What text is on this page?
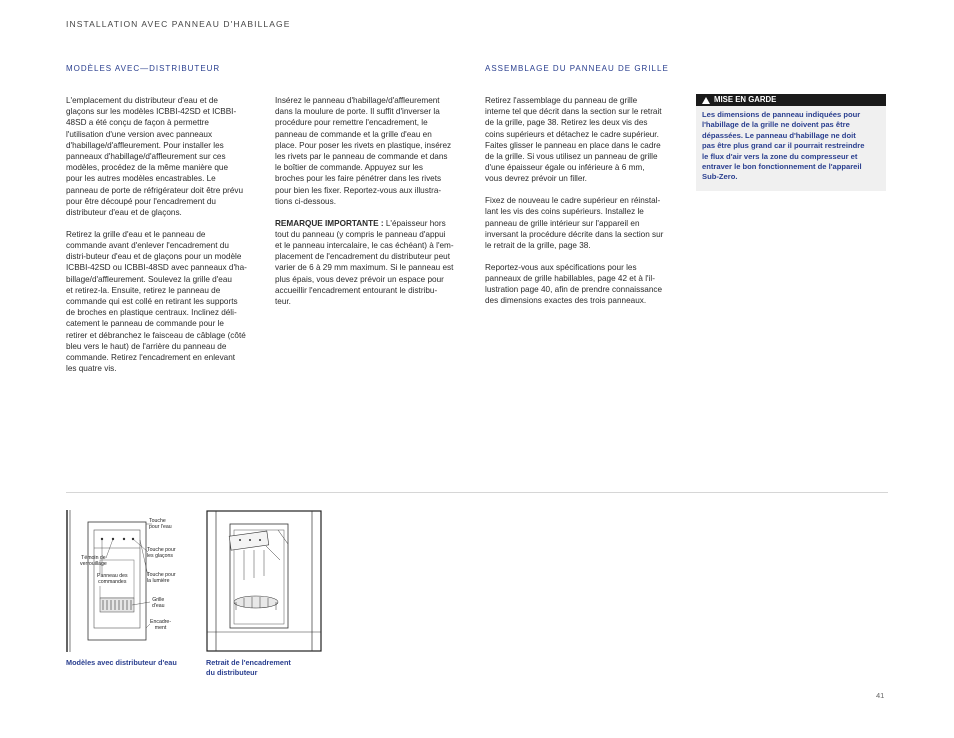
INSTALLATION AVEC PANNEAU D'HABILLAGE
MODÈLES AVEC—DISTRIBUTEUR	ASSEMBLAGE DU PANNEAU DE GRILLE

L'emplacement du distributeur d'eau et de
glaçons sur les modèles ICBBI-42SD et ICBBI-
48SD a été conçu de façon à permettre
l'utilisation d'une version avec panneaux
d'habillage/d'affleurement. Pour installer les
panneaux d'habillage/d'affleurement sur ces
modèles, procédez de la même manière que
pour les autres modèles encastrables. Le
panneau de porte de réfrigérateur doit être prévu
pour être découpé pour l'encadrement du
distributeur d'eau et de glaçons.

Retirez la grille d'eau et le panneau de
commande avant d'enlever l'encadrement du
distri-buteur d'eau et de glaçons pour un modèle
ICBBI-42SD ou ICBBI-48SD avec panneaux d'ha-
billage/d'affleurement. Soulevez la grille d'eau
et retirez-la. Ensuite, retirez le panneau de
commande qui est collé en retirant les supports
de broches en plastique centraux. Inclinez déli-
catement le panneau de commande pour le
retirer et débranchez le faisceau de câblage (côté
bleu vers le haut) de l'arrière du panneau de
commande. Retirez l'encadrement en enlevant
les quatre vis.

Insérez le panneau d'habillage/d'affleurement
dans la moulure de porte. Il suffit d'inverser la
procédure pour remettre l'encadrement, le
panneau de commande et la grille d'eau en
place. Pour poser les rivets en plastique, insérez
les rivets par le panneau de commande et dans
le boîtier de commande. Appuyez sur les
broches pour les faire pénétrer dans les rivets
pour bien les fixer. Reportez-vous aux illustra-
tions ci-dessous.

REMARQUE IMPORTANTE : L'épaisseur hors
tout du panneau (y compris le panneau d'appui
et le panneau intercalaire, le cas échéant) à l'em-
placement de l'encadrement du distributeur peut
varier de 6 à 29 mm maximum. Si le panneau est
plus épais, vous devez prévoir un espace pour
accueillir l'encadrement entourant le distribu-
teur.

Retirez l'assemblage du panneau de grille
interne tel que décrit dans la section sur le retrait
de la grille, page 38. Retirez les deux vis des
coins supérieurs et détachez le cadre supérieur.
Faites glisser le panneau en place dans le cadre
de la grille. Si vous utilisez un panneau de grille
d'une épaisseur égale ou inférieure à 6 mm,
vous devrez prévoir un filler.

Fixez de nouveau le cadre supérieur en réinstal-
lant les vis des coins supérieurs. Installez le
panneau de grille intérieur sur l'appareil en
inversant la procédure décrite dans la section sur
le retrait de la grille, page 38.

Reportez-vous aux spécifications pour les
panneaux de grille habillables, page 42 et à l'il-
lustration page 40, afin de prendre connaissance
des dimensions exactes des trois panneaux.

MISE EN GARDE
Les dimensions de panneau indiquées pour
l'habillage de la grille ne doivent pas être
dépassées. Le panneau d'habillage ne doit
pas être plus grand car il pourrait restreindre
le flux d'air vers la zone du compresseur et
entraver le bon fonctionnement de l'appareil
Sub-Zero.
Touche
pour l'eau
Témoin de
verrouillage
Touche pour
les glaçons
Panneau des
commandes
Touche pour
la lumière
Grille
d'eau
Encadre-
ment
Modèles avec distributeur d'eau	Retrait de l'encadrement
du distributeur
41
